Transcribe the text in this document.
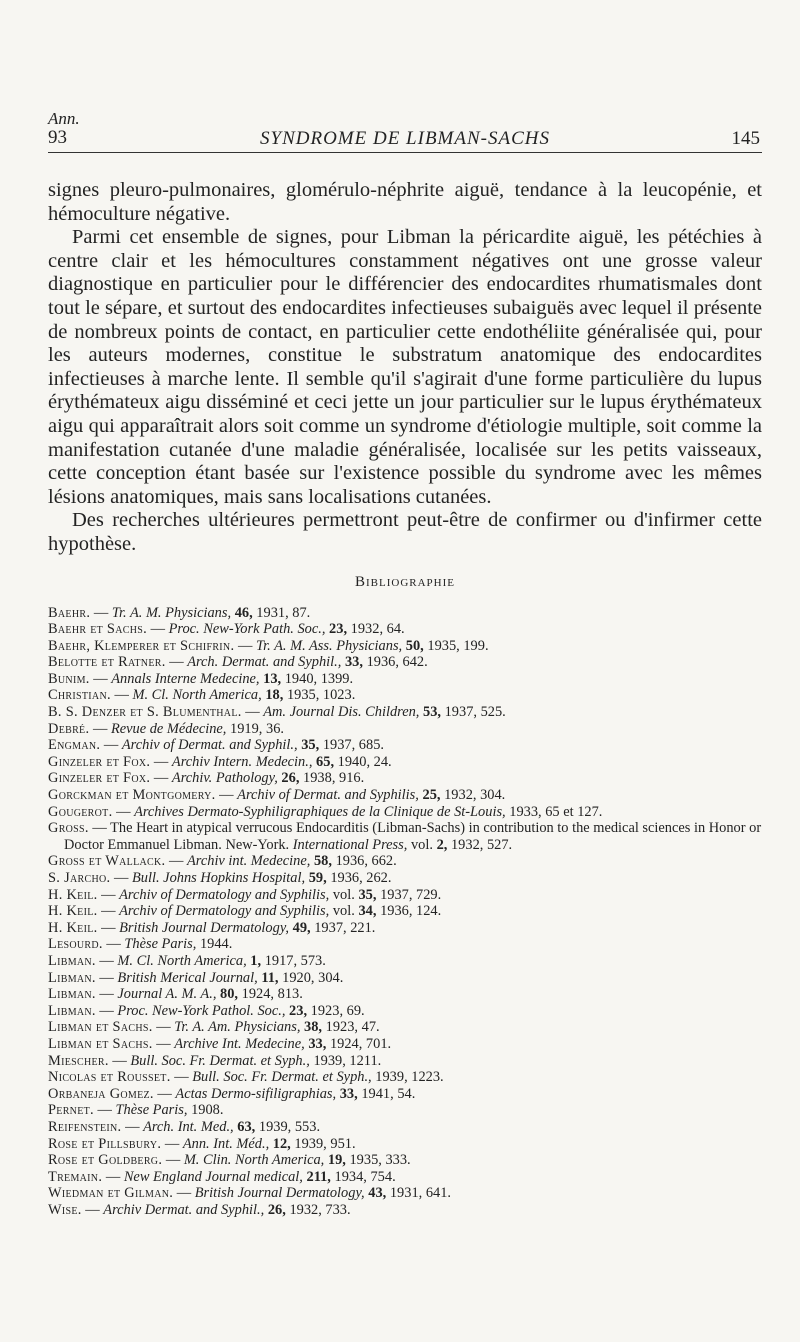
Ann.
93	SYNDROME DE LIBMAN-SACHS	145

signes pleuro-pulmonaires, glomérulo-néphrite aiguë, tendance à la leucopénie, et hémoculture négative.

Parmi cet ensemble de signes, pour Libman la péricardite aiguë, les pétéchies à centre clair et les hémocultures constamment négatives ont une grosse valeur diagnostique en particulier pour le différencier des endocardites rhumatismales dont tout le sépare, et surtout des endocardites infectieuses subaiguës avec lequel il présente de nombreux points de contact, en particulier cette endothéliite généralisée qui, pour les auteurs modernes, constitue le substratum anatomique des endocardites infectieuses à marche lente. Il semble qu'il s'agirait d'une forme particulière du lupus érythémateux aigu disséminé et ceci jette un jour particulier sur le lupus érythémateux aigu qui apparaîtrait alors soit comme un syndrome d'étiologie multiple, soit comme la manifestation cutanée d'une maladie généralisée, localisée sur les petits vaisseaux, cette conception étant basée sur l'existence possible du syndrome avec les mêmes lésions anatomiques, mais sans localisations cutanées.

Des recherches ultérieures permettront peut-être de confirmer ou d'infirmer cette hypothèse.

Bibliographie
Baehr. — Tr. A. M. Physicians, 46, 1931, 87.
Baehr et Sachs. — Proc. New-York Path. Soc., 23, 1932, 64.
Baehr, Klemperer et Schifrin. — Tr. A. M. Ass. Physicians, 50, 1935, 199.
Belotte et Ratner. — Arch. Dermat. and Syphil., 33, 1936, 642.
Bunim. — Annals Interne Medecine, 13, 1940, 1399.
Christian. — M. Cl. North America, 18, 1935, 1023.
B. S. Denzer et S. Blumenthal. — Am. Journal Dis. Children, 53, 1937, 525.
Debré. — Revue de Médecine, 1919, 36.
Engman. — Archiv of Dermat. and Syphil., 35, 1937, 685.
Ginzeler et Fox. — Archiv Intern. Medecin., 65, 1940, 24.
Ginzeler et Fox. — Archiv. Pathology, 26, 1938, 916.
Gorckman et Montgomery. — Archiv of Dermat. and Syphilis, 25, 1932, 304.
Gougerot. — Archives Dermato-Syphiligraphiques de la Clinique de St-Louis, 1933, 65 et 127.
Gross. — The Heart in atypical verrucous Endocarditis (Libman-Sachs) in contribution to the medical sciences in Honor or Doctor Emmanuel Libman. New-York. International Press, vol. 2, 1932, 527.
Gross et Wallack. — Archiv int. Medecine, 58, 1936, 662.
S. Jarcho. — Bull. Johns Hopkins Hospital, 59, 1936, 262.
H. Keil. — Archiv of Dermatology and Syphilis, vol. 35, 1937, 729.
H. Keil. — Archiv of Dermatology and Syphilis, vol. 34, 1936, 124.
H. Keil. — British Journal Dermatology, 49, 1937, 221.
Lesourd. — Thèse Paris, 1944.
Libman. — M. Cl. North America, 1, 1917, 573.
Libman. — British Merical Journal, 11, 1920, 304.
Libman. — Journal A. M. A., 80, 1924, 813.
Libman. — Proc. New-York Pathol. Soc., 23, 1923, 69.
Libman et Sachs. — Tr. A. Am. Physicians, 38, 1923, 47.
Libman et Sachs. — Archive Int. Medecine, 33, 1924, 701.
Miescher. — Bull. Soc. Fr. Dermat. et Syph., 1939, 1211.
Nicolas et Rousset. — Bull. Soc. Fr. Dermat. et Syph., 1939, 1223.
Orbaneja Gomez. — Actas Dermo-sifiligraphias, 33, 1941, 54.
Pernet. — Thèse Paris, 1908.
Reifenstein. — Arch. Int. Med., 63, 1939, 553.
Rose et Pillsbury. — Ann. Int. Méd., 12, 1939, 951.
Rose et Goldberg. — M. Clin. North America, 19, 1935, 333.
Tremain. — New England Journal medical, 211, 1934, 754.
Wiedman et Gilman. — British Journal Dermatology, 43, 1931, 641.
Wise. — Archiv Dermat. and Syphil., 26, 1932, 733.
